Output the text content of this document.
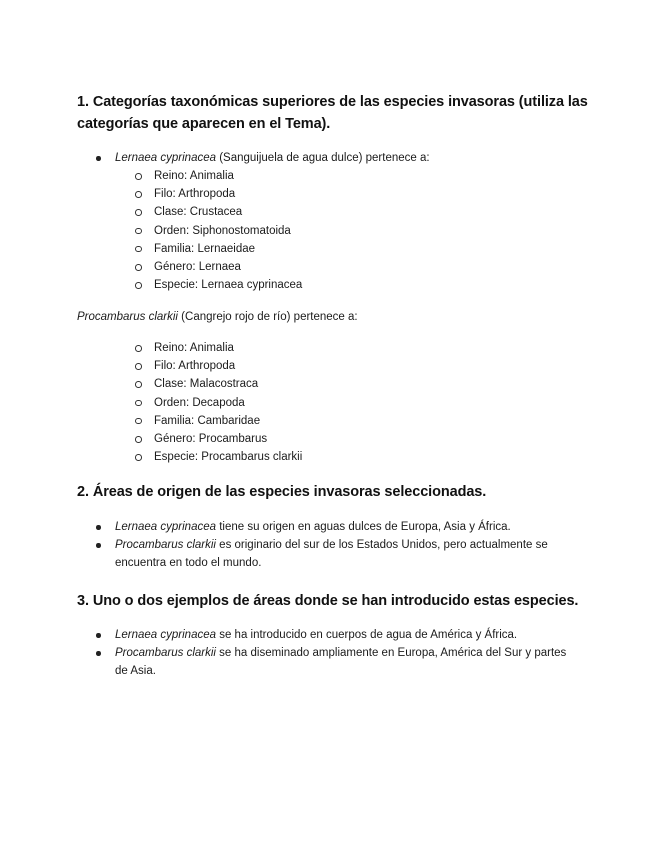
1. Categorías taxonómicas superiores de las especies invasoras (utiliza las categorías que aparecen en el Tema).
Lernaea cyprinacea (Sanguijuela de agua dulce) pertenece a:
Reino: Animalia
Filo: Arthropoda
Clase: Crustacea
Orden: Siphonostomatoida
Familia: Lernaeidae
Género: Lernaea
Especie: Lernaea cyprinacea
Procambarus clarkii (Cangrejo rojo de río) pertenece a:
Reino: Animalia
Filo: Arthropoda
Clase: Malacostraca
Orden: Decapoda
Familia: Cambaridae
Género: Procambarus
Especie: Procambarus clarkii
2. Áreas de origen de las especies invasoras seleccionadas.
Lernaea cyprinacea tiene su origen en aguas dulces de Europa, Asia y África.
Procambarus clarkii es originario del sur de los Estados Unidos, pero actualmente se encuentra en todo el mundo.
3. Uno o dos ejemplos de áreas donde se han introducido estas especies.
Lernaea cyprinacea se ha introducido en cuerpos de agua de América y África.
Procambarus clarkii se ha diseminado ampliamente en Europa, América del Sur y partes de Asia.
